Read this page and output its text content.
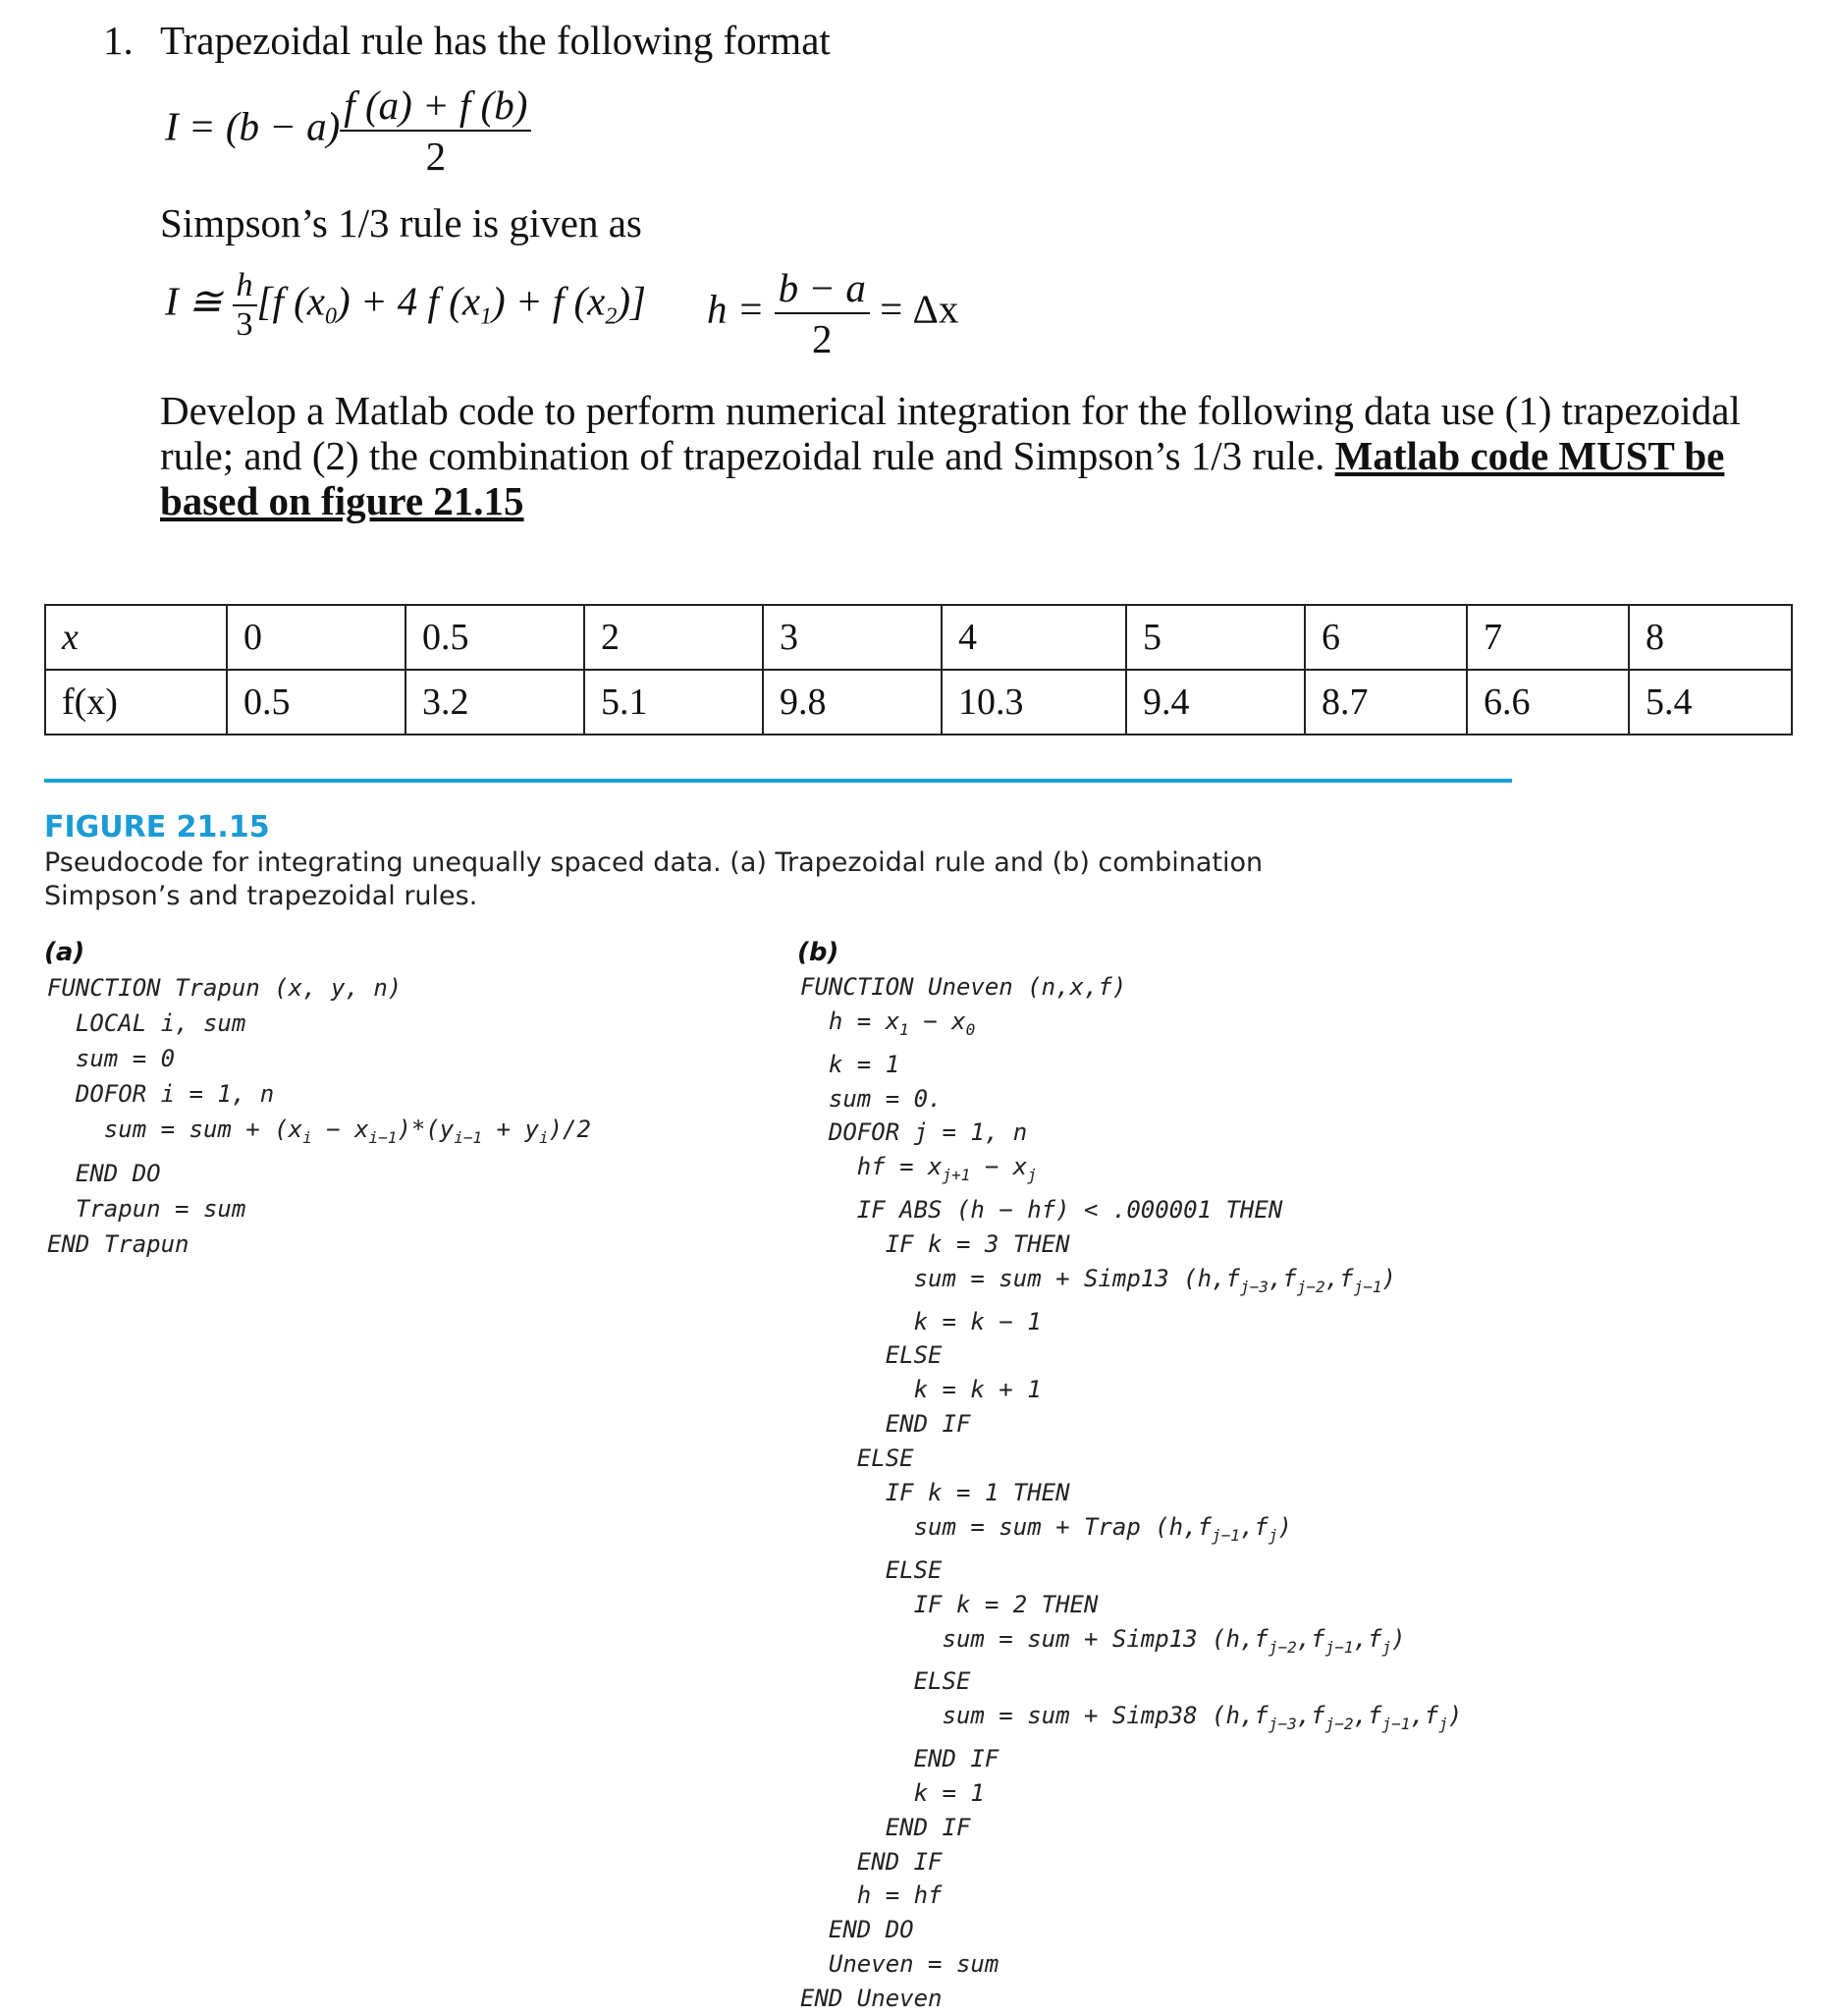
1. Trapezoidal rule has the following format
$I = (b - a) \frac{f (a) + f (b)}{2}$
Simpson’s 1/3 rule is given as
I ≅ $\frac{h}{3} [f$ $(x_0) + 4$ f $(x_1) + f$ $(x_2)$] $h = \frac{b - a}{2} = \Delta x$
Develop a Matlab code to perform numerical integration for the following data use (1) trapezoidal rule; and (2) the combination of trapezoidal rule and Simpson’s 1/3 rule. Matlab code MUST be based on figure 21.15
x	0	0.5	2	3	4	5	6	7	8
f(x)	0.5	3.2	5.1	9.8	10.3	9.4	8.7	6.6	5.4
FIGURE 21.15
Pseudocode for integrating unequally spaced data. (a) Trapezoidal rule and (b) combination
Simpson’s and trapezoidal rules.
(a)	(b)
FUNCTION Trapun (x, y, n)
LOCAL i, sum
sum = 0
DOFOR i = 1, n
sum = sum + $(x_i - x_{i-1})*(y_{i-1} + y_i)/2$
END DO
Trapun = sum
END Trapun
FUNCTION Uneven (n,x,f)
$h = x_1 - x_0$
k = 1
sum = 0.
DOFOR j = 1, n
hf = $x_{j+1} - x_j$
IF ABS (h − hf) < .000001 THEN
IF k = 3 THEN
sum = sum + Simp13 $(h,f_{j-3},f_{j-2},f_{j-1})$
k = k − 1
ELSE
k = k + 1
END IF
ELSE
IF k = 1 THEN
sum = sum + Trap $(h,f_{j-1},f_j)$
ELSE
IF k = 2 THEN
sum = sum + Simp13 $(h,f_{j-2},f_{j-1},f_j)$
ELSE
sum = sum + Simp38 $(h,f_{j-3},f_{j-2},f_{j-1},f_j)$
END IF
k = 1
END IF
END IF
h = hf
END DO
Uneven = sum
END Uneven
